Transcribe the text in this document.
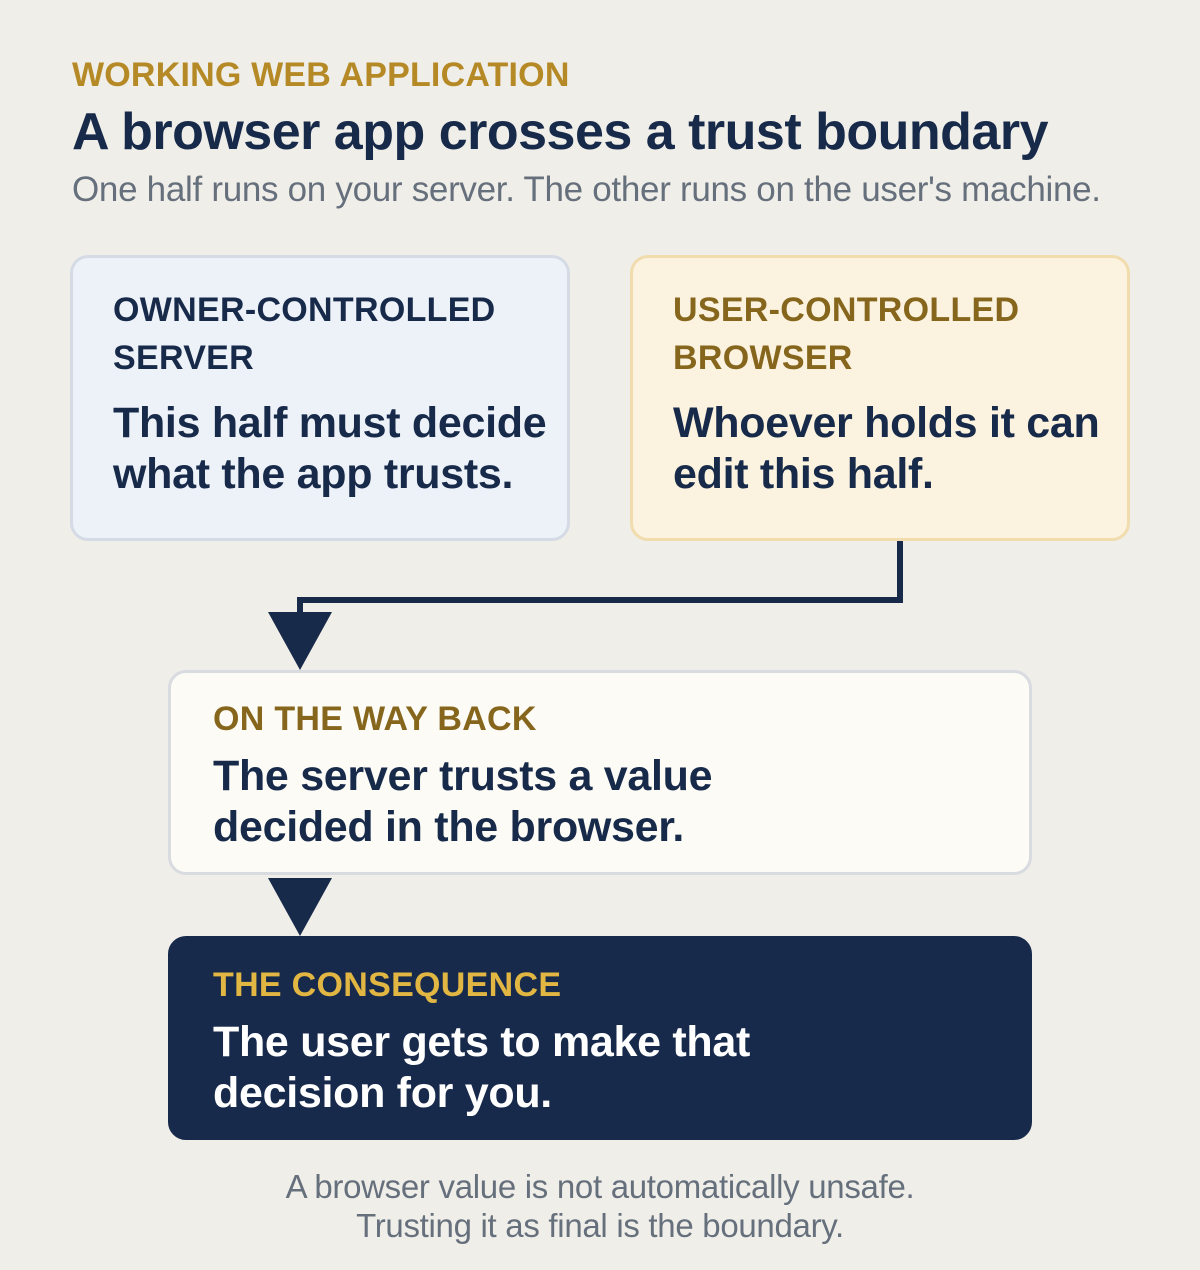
WORKING WEB APPLICATION
A browser app crosses a trust boundary
One half runs on your server. The other runs on the user's machine.
OWNER-CONTROLLED SERVER
This half must decide what the app trusts.
USER-CONTROLLED BROWSER
Whoever holds it can edit this half.
ON THE WAY BACK
The server trusts a value decided in the browser.
THE CONSEQUENCE
The user gets to make that decision for you.
A browser value is not automatically unsafe.
Trusting it as final is the boundary.
